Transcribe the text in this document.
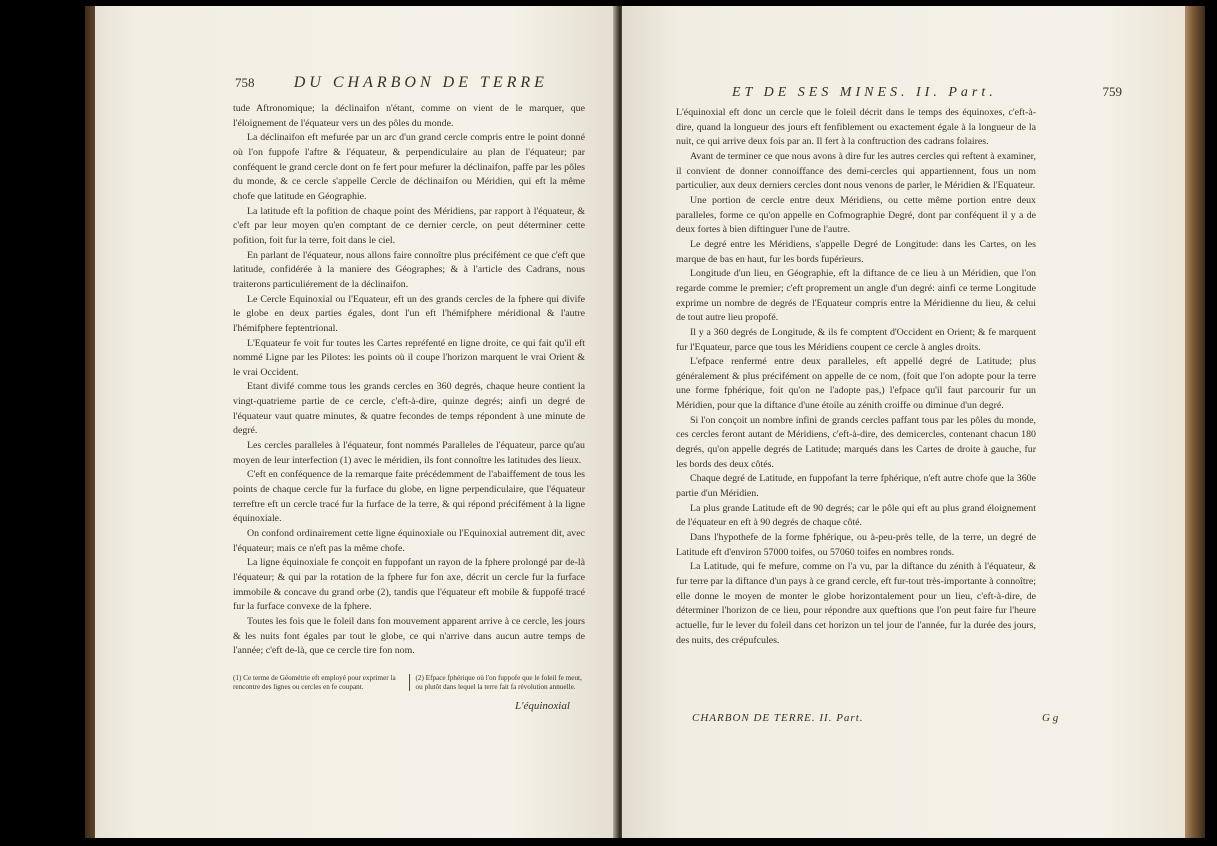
758 DU CHARBON DE TERRE

tude Aftronomique; la déclinaifon n'étant, comme on vient de le marquer, que l'éloignement de l'équateur vers un des pôles du monde.

La déclinaifon eft mefurée par un arc d'un grand cercle compris entre le point donné où l'on fuppofe l'aftre & l'équateur, & perpendiculaire au plan de l'équateur; par conféquent le grand cercle dont on fe fert pour mefurer la déclinaifon, paffe par les pôles du monde, & ce cercle s'appelle Cercle de déclinaifon ou Méridien, qui eft la même chofe que latitude en Géographie.

La latitude eft la pofition de chaque point des Méridiens, par rapport à l'équateur, & c'eft par leur moyen qu'en comptant de ce dernier cercle, on peut déterminer cette pofition, foit fur la terre, foit dans le ciel.

En parlant de l'équateur, nous allons faire connoître plus précifément ce que c'eft que latitude, confidérée à la maniere des Géographes; & à l'article des Cadrans, nous traiterons particuliérement de la déclinaifon.

Le Cercle Equinoxial ou l'Equateur, eft un des grands cercles de la fphere qui divife le globe en deux parties égales, dont l'un eft l'hémifphere méridional & l'autre l'hémifphere feptentrional.

L'Equateur fe voit fur toutes les Cartes repréfenté en ligne droite, ce qui fait qu'il eft nommé Ligne par les Pilotes: les points où il coupe l'horizon marquent le vrai Orient & le vrai Occident.

Etant divifé comme tous les grands cercles en 360 degrés, chaque heure contient la vingt-quatrieme partie de ce cercle, c'eft-à-dire, quinze degrés; ainfi un degré de l'équateur vaut quatre minutes, & quatre fecondes de temps répondent à une minute de degré.

Les cercles paralleles à l'équateur, font nommés Paralleles de l'équateur, parce qu'au moyen de leur interfection (1) avec le méridien, ils font connoître les latitudes des lieux.

C'eft en conféquence de la remarque faite précédemment de l'abaiffement de tous les points de chaque cercle fur la furface du globe, en ligne perpendiculaire, que l'équateur terreftre eft un cercle tracé fur la furface de la terre, & qui répond précifément à la ligne équinoxiale.

On confond ordinairement cette ligne équinoxiale ou l'Equinoxial autrement dit, avec l'équateur; mais ce n'eft pas la même chofe.

La ligne équinoxiale fe conçoit en fuppofant un rayon de la fphere prolongé par de-là l'équateur; & qui par la rotation de la fphere fur fon axe, décrit un cercle fur la furface immobile & concave du grand orbe (2), tandis que l'équateur eft mobile & fuppofé tracé fur la furface convexe de la fphere.

Toutes les fois que le foleil dans fon mouvement apparent arrive à ce cercle, les jours & les nuits font égales par tout le globe, ce qui n'arrive dans aucun autre temps de l'année; c'eft de-là, que ce cercle tire fon nom.

(1) Ce terme de Géométrie eft employé pour exprimer la rencontre des lignes ou cercles en fe coupant.
(2) Efpace fphérique où l'on fuppofe que le foleil fe meut, ou plutôt dans lequel la terre fait fa révolution annuelle.
L'équinoxial
ET DE SES MINES. II. Part.	759

L'équinoxial eft donc un cercle que le foleil décrit dans le temps des équinoxes, c'eft-à-dire, quand la longueur des jours eft fenfiblement ou exactement égale à la longueur de la nuit, ce qui arrive deux fois par an. Il fert à la conftruction des cadrans folaires.

Avant de terminer ce que nous avons à dire fur les autres cercles qui reftent à examiner, il convient de donner connoiffance des demi-cercles qui appartiennent, fous un nom particulier, aux deux derniers cercles dont nous venons de parler, le Méridien & l'Equateur.

Une portion de cercle entre deux Méridiens, ou cette même portion entre deux paralleles, forme ce qu'on appelle en Cofmographie Degré, dont par conféquent il y a de deux fortes à bien diftinguer l'une de l'autre.

Le degré entre les Méridiens, s'appelle Degré de Longitude: dans les Cartes, on les marque de bas en haut, fur les bords fupérieurs.

Longitude d'un lieu, en Géographie, eft la diftance de ce lieu à un Méridien, que l'on regarde comme le premier; c'eft proprement un angle d'un degré: ainfi ce terme Longitude exprime un nombre de degrés de l'Equateur compris entre la Méridienne du lieu, & celui de tout autre lieu propofé.

Il y a 360 degrés de Longitude, & ils fe comptent d'Occident en Orient; & fe marquent fur l'Equateur, parce que tous les Méridiens coupent ce cercle à angles droits.

L'efpace renfermé entre deux paralleles, eft appellé degré de Latitude; plus généralement & plus précifément on appelle de ce nom, (foit que l'on adopte pour la terre une forme fphérique, foit qu'on ne l'adopte pas,) l'efpace qu'il faut parcourir fur un Méridien, pour que la diftance d'une étoile au zénith croiffe ou diminue d'un degré.

Si l'on conçoit un nombre infini de grands cercles paffant tous par les pôles du monde, ces cercles feront autant de Méridiens, c'eft-à-dire, des demicercles, contenant chacun 180 degrés, qu'on appelle degrés de Latitude; marqués dans les Cartes de droite à gauche, fur les bords des deux côtés.

Chaque degré de Latitude, en fuppofant la terre fphérique, n'eft autre chofe que la 360e partie d'un Méridien.

La plus grande Latitude eft de 90 degrés; car le pôle qui eft au plus grand éloignement de l'équateur en eft à 90 degrés de chaque côté.

Dans l'hypothefe de la forme fphérique, ou à-peu-près telle, de la terre, un degré de Latitude eft d'environ 57000 toifes, ou 57060 toifes en nombres ronds.

La Latitude, qui fe mefure, comme on l'a vu, par la diftance du zénith à l'équateur, & fur terre par la diftance d'un pays à ce grand cercle, eft fur-tout très-importante à connoître; elle donne le moyen de monter le globe horizontalement pour un lieu, c'eft-à-dire, de déterminer l'horizon de ce lieu, pour répondre aux queftions que l'on peut faire fur l'heure actuelle, fur le lever du foleil dans cet horizon un tel jour de l'année, fur la durée des jours, des nuits, des crépufcules.

CHARBON DE TERRE. II. Part.	G g
